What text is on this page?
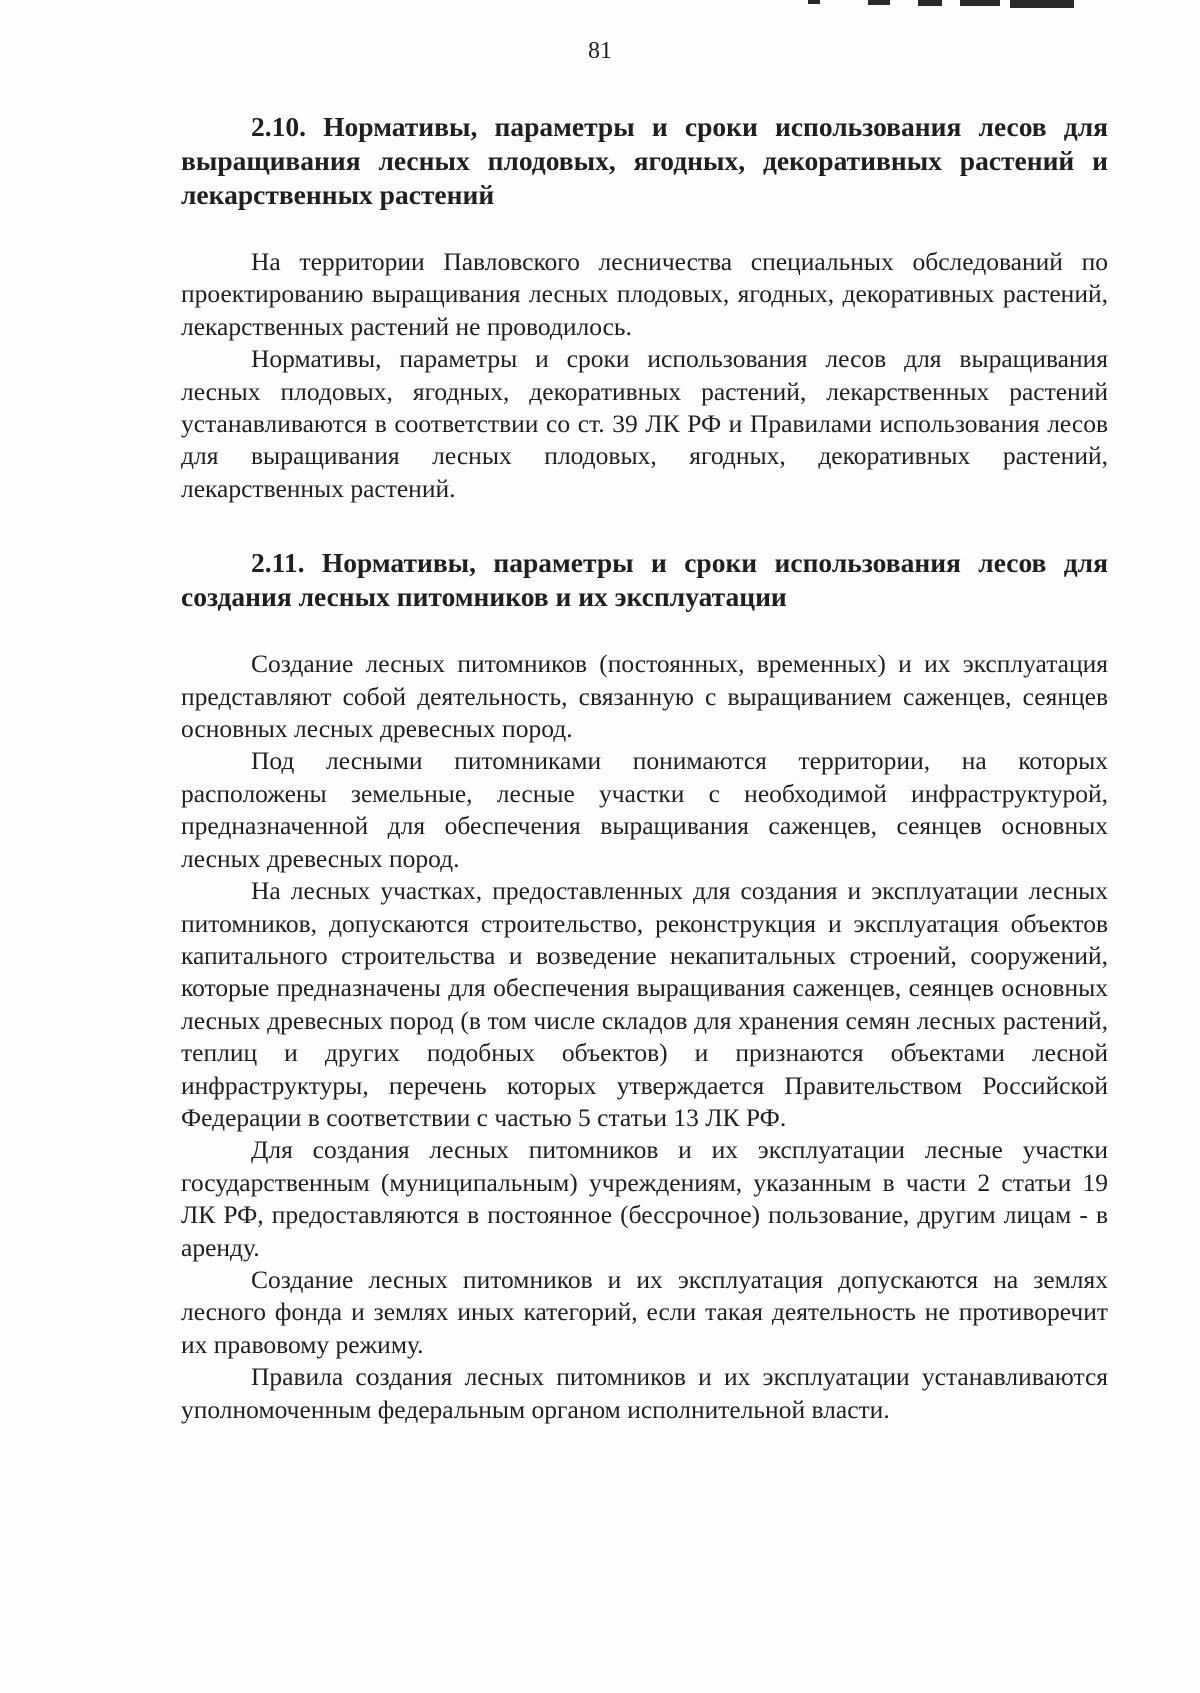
81
2.10. Нормативы, параметры и сроки использования лесов для выращивания лесных плодовых, ягодных, декоративных растений и лекарственных растений

На территории Павловского лесничества специальных обследований по проектированию выращивания лесных плодовых, ягодных, декоративных растений, лекарственных растений не проводилось.

Нормативы, параметры и сроки использования лесов для выращивания лесных плодовых, ягодных, декоративных растений, лекарственных растений устанавливаются в соответствии со ст. 39 ЛК РФ и Правилами использования лесов для выращивания лесных плодовых, ягодных, декоративных растений, лекарственных растений.

2.11. Нормативы, параметры и сроки использования лесов для создания лесных питомников и их эксплуатации

Создание лесных питомников (постоянных, временных) и их эксплуатация представляют собой деятельность, связанную с выращиванием саженцев, сеянцев основных лесных древесных пород.

Под лесными питомниками понимаются территории, на которых расположены земельные, лесные участки с необходимой инфраструктурой, предназначенной для обеспечения выращивания саженцев, сеянцев основных лесных древесных пород.

На лесных участках, предоставленных для создания и эксплуатации лесных питомников, допускаются строительство, реконструкция и эксплуатация объектов капитального строительства и возведение некапитальных строений, сооружений, которые предназначены для обеспечения выращивания саженцев, сеянцев основных лесных древесных пород (в том числе складов для хранения семян лесных растений, теплиц и других подобных объектов) и признаются объектами лесной инфраструктуры, перечень которых утверждается Правительством Российской Федерации в соответствии с частью 5 статьи 13 ЛК РФ.

Для создания лесных питомников и их эксплуатации лесные участки государственным (муниципальным) учреждениям, указанным в части 2 статьи 19 ЛК РФ, предоставляются в постоянное (бессрочное) пользование, другим лицам - в аренду.

Создание лесных питомников и их эксплуатация допускаются на землях лесного фонда и землях иных категорий, если такая деятельность не противоречит их правовому режиму.

Правила создания лесных питомников и их эксплуатации устанавливаются уполномоченным федеральным органом исполнительной власти.
